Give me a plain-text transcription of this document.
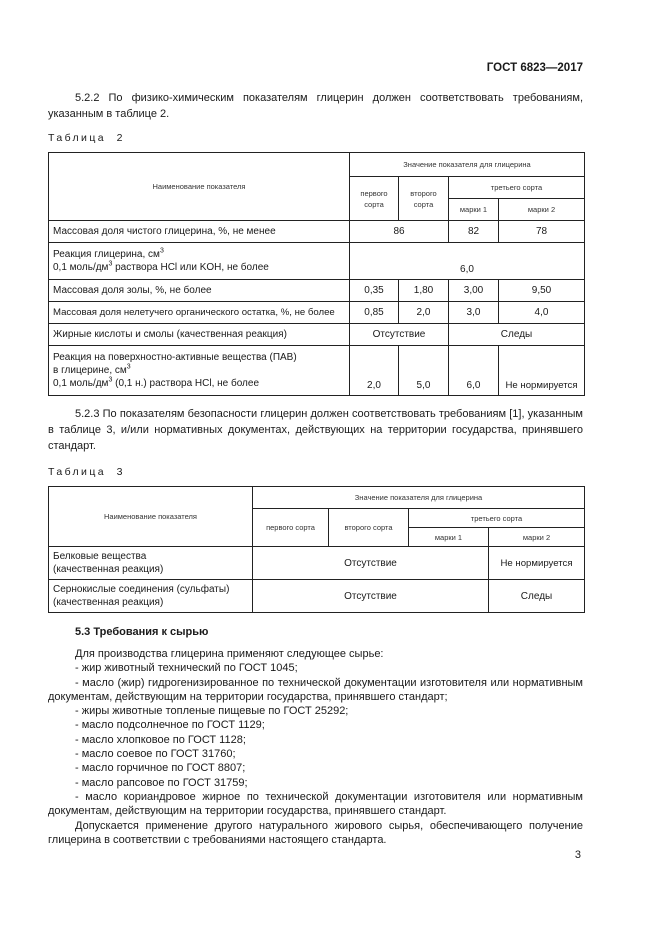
ГОСТ 6823—2017

5.2.2 По физико-химическим показателям глицерин должен соответствовать требованиям, указанным в таблице 2.

Таблица 2
Наименование показателя	Значение показателя для глицерина			
	первого сорта	второго сорта	третьего сорта	
			марки 1	марки 2
Массовая доля чистого глицерина, %, не менее	86		82	78
Реакция глицерина, $см^3$
0,1 моль/$дм^3$ раствора HCl или KOH, не более	6,0			
Массовая доля золы, %, не более	0,35	1,80	3,00	9,50
Массовая доля нелетучего органического остатка, %, не более	0,85	2,0	3,0	4,0
Жирные кислоты и смолы (качественная реакция)	Отсутствие		Следы	
Реакция на поверхностно-активные вещества (ПАВ)
в глицерине, $см^3$
0,1 моль/$дм^3$ (0,1 н.) раствора HCl, не более	2,0	5,0	6,0	Не нормируется

5.2.3 По показателям безопасности глицерин должен соответствовать требованиям [1], указанным в таблице 3, и/или нормативных документах, действующих на территории государства, принявшего стандарт.

Таблица 3
Наименование показателя	Значение показателя для глицерина			
	первого сорта	второго сорта	третьего сорта	
			марки 1	марки 2
Белковые вещества
(качественная реакция)	Отсутствие			Не нормируется
Сернокислые соединения (сульфаты)
(качественная реакция)	Отсутствие			Следы
5.3 Требования к сырью

Для производства глицерина применяют следующее сырье:

- жир животный технический по ГОСТ 1045;

- масло (жир) гидрогенизированное по технической документации изготовителя или нормативным документам, действующим на территории государства, принявшего стандарт;

- жиры животные топленые пищевые по ГОСТ 25292;

- масло подсолнечное по ГОСТ 1129;

- масло хлопковое по ГОСТ 1128;

- масло соевое по ГОСТ 31760;

- масло горчичное по ГОСТ 8807;

- масло рапсовое по ГОСТ 31759;

- масло кориандровое жирное по технической документации изготовителя или нормативным документам, действующим на территории государства, принявшего стандарт.

Допускается применение другого натурального жирового сырья, обеспечивающего получение глицерина в соответствии с требованиями настоящего стандарта.

3
